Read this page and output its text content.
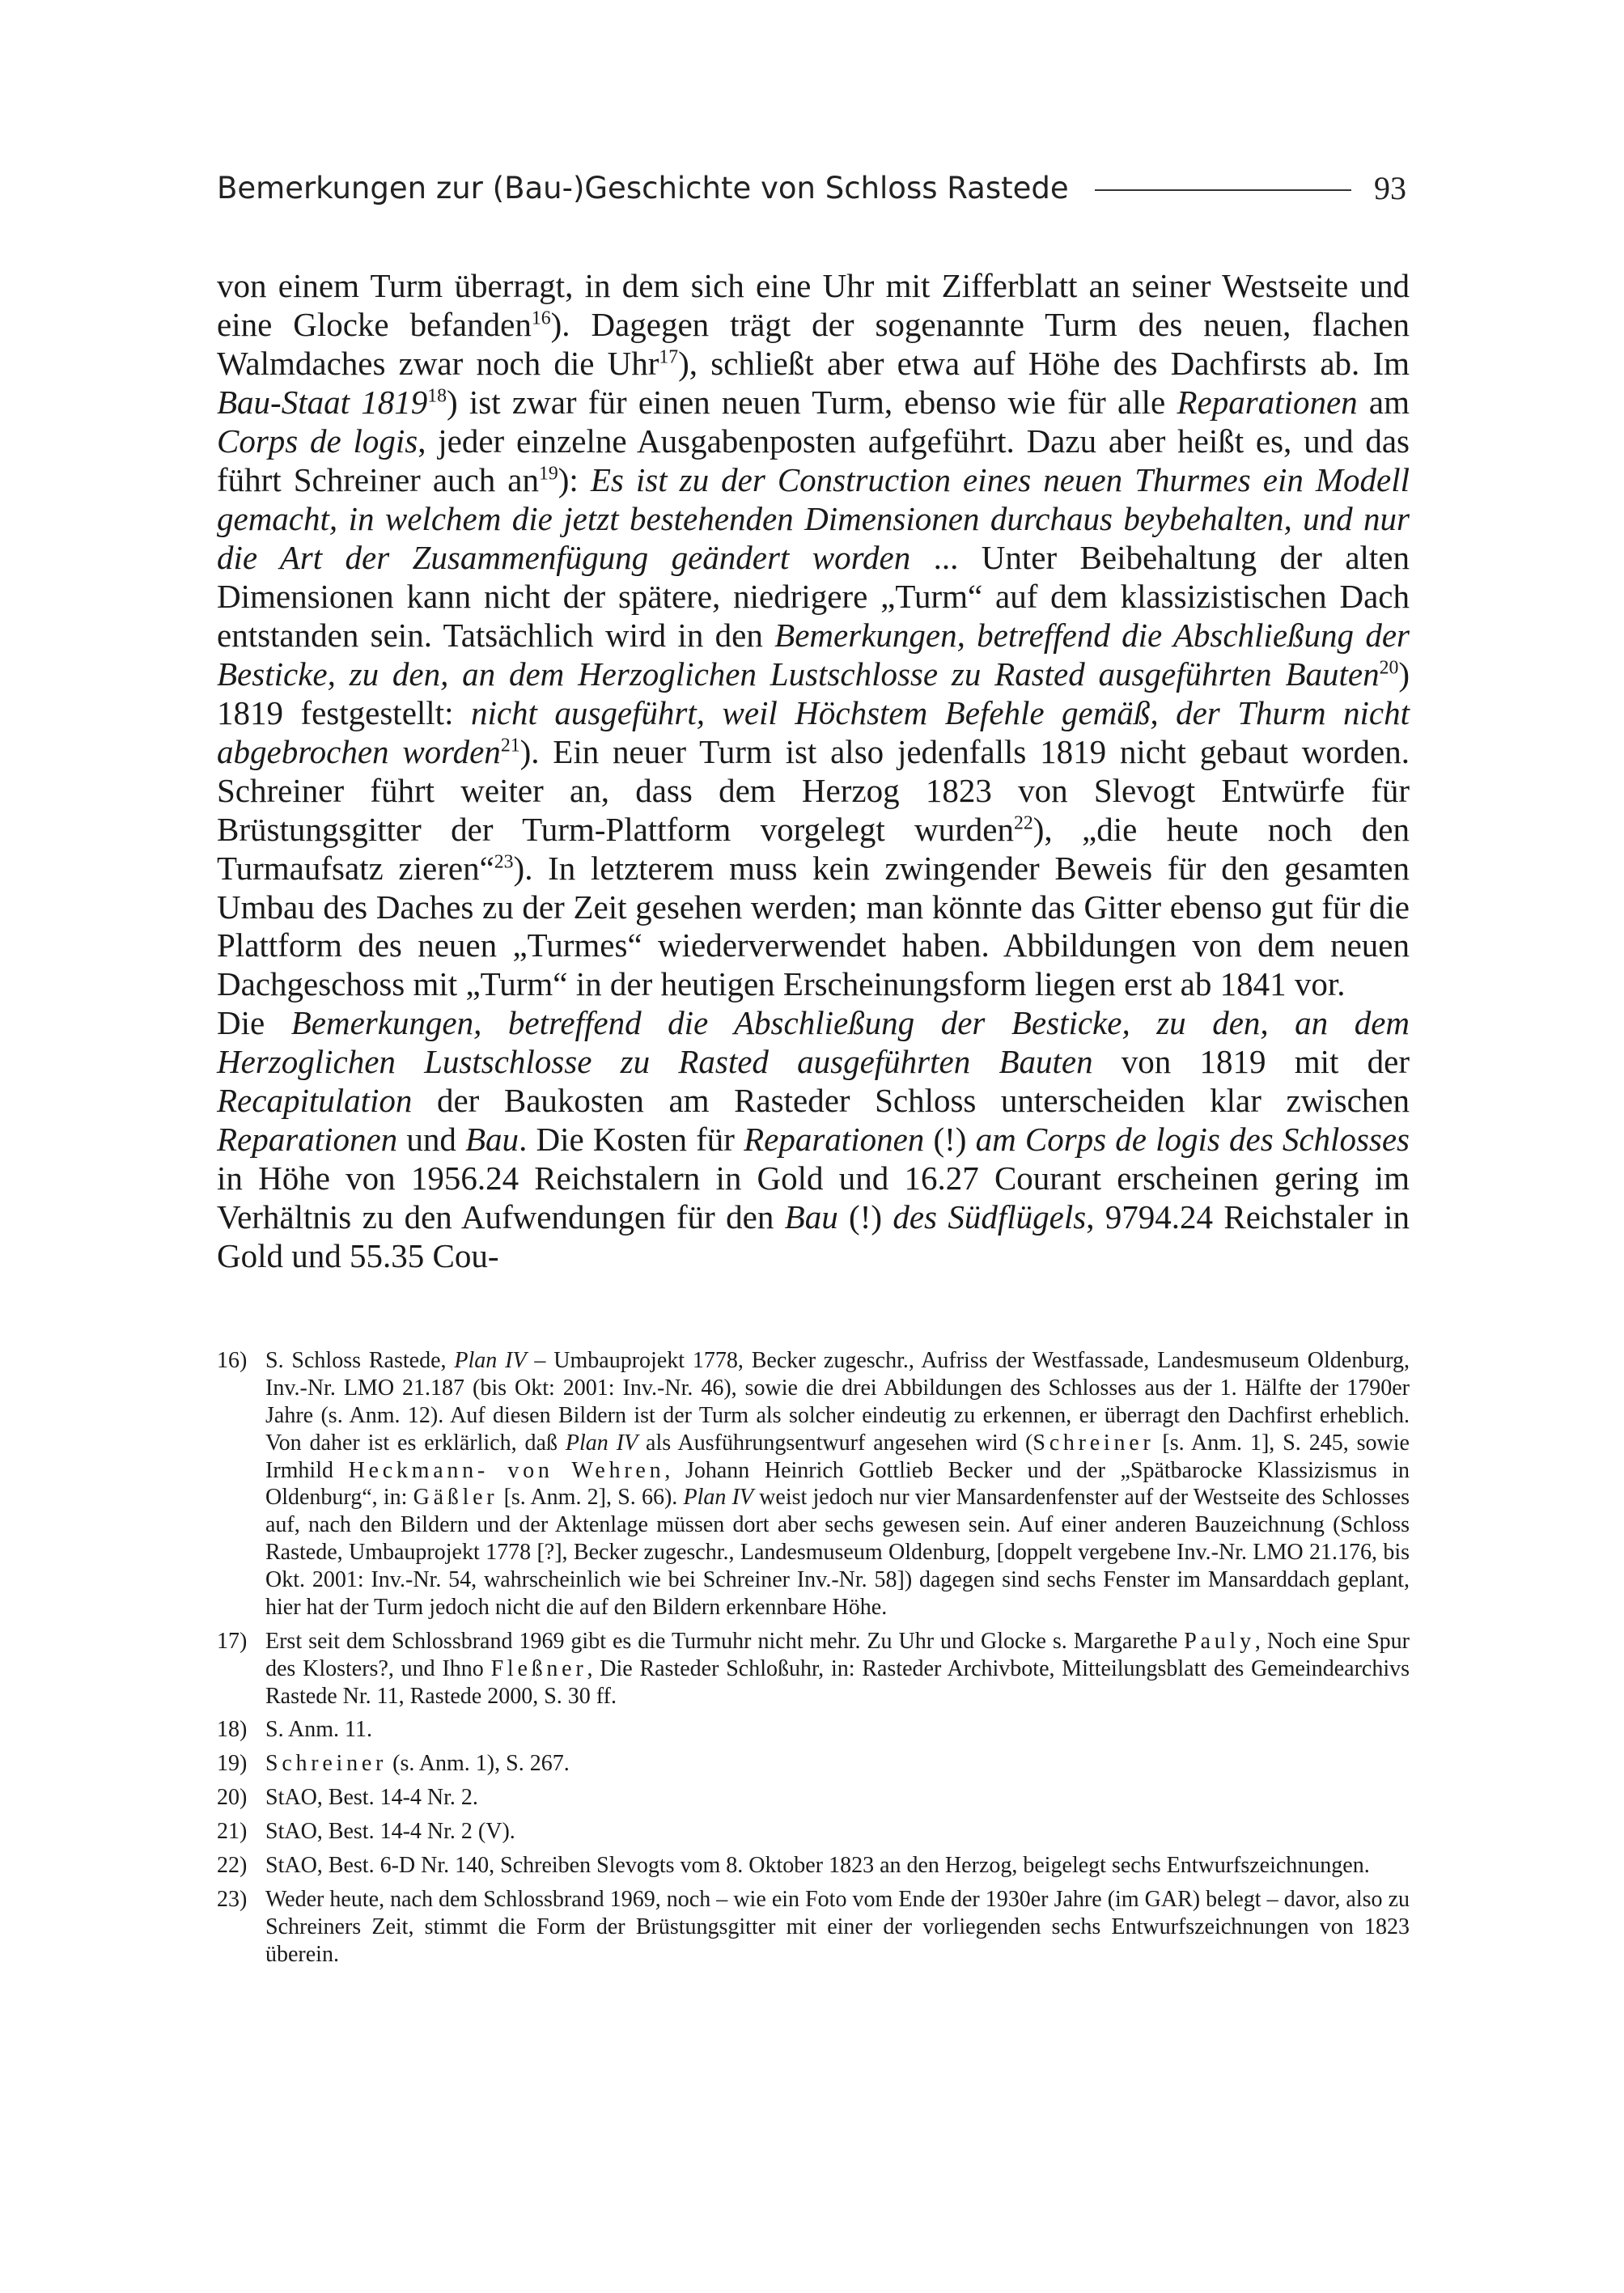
Bemerkungen zur (Bau-)Geschichte von Schloss Rastede	93

von einem Turm überragt, in dem sich eine Uhr mit Zifferblatt an seiner Westseite und eine Glocke befanden$^{16}$). Dagegen trägt der sogenannte Turm des neuen, flachen Walmdaches zwar noch die Uhr$^{17}$), schließt aber etwa auf Höhe des Dachfirsts ab. Im Bau-Staat 1819$^{18}$) ist zwar für einen neuen Turm, ebenso wie für alle Reparationen am Corps de logis, jeder einzelne Ausgabenposten aufgeführt. Dazu aber heißt es, und das führt Schreiner auch $an^{19}$): Es ist zu der Construction eines neuen Thurmes ein Modell gemacht, in welchem die jetzt bestehenden Dimensionen durchaus beybehalten, und nur die Art der Zusammenfügung geändert worden ... Unter Beibehaltung der alten Dimensionen kann nicht der spätere, niedrigere „Turm“ auf dem klassizistischen Dach entstanden sein. Tatsächlich wird in den Bemerkungen, betreffend die Abschließung der Besticke, zu den, an dem Herzoglichen Lustschlosse zu Rasted ausgeführten Bauten$^{20}$) 1819 festgestellt: nicht ausgeführt, weil Höchstem Befehle gemäß, der Thurm nicht abgebrochen worden$^{21}$). Ein neuer Turm ist also jedenfalls 1819 nicht gebaut worden. Schreiner führt weiter an, dass dem Herzog 1823 von Slevogt Entwürfe für Brüstungsgitter der Turm-Plattform vorgelegt wurden$^{22}$), „die heute noch den Turmaufsatz zieren“$^{23}$). In letzterem muss kein zwingender Beweis für den gesamten Umbau des Daches zu der Zeit gesehen werden; man könnte das Gitter ebenso gut für die Plattform des neuen „Turmes“ wiederverwendet haben. Abbildungen von dem neuen Dachgeschoss mit „Turm“ in der heutigen Erscheinungsform liegen erst ab 1841 vor.

Die Bemerkungen, betreffend die Abschließung der Besticke, zu den, an dem Herzoglichen Lustschlosse zu Rasted ausgeführten Bauten von 1819 mit der Recapitulation der Baukosten am Rasteder Schloss unterscheiden klar zwischen Reparationen und Bau. Die Kosten für Reparationen (!) am Corps de logis des Schlosses in Höhe von 1956.24 Reichstalern in Gold und 16.27 Courant erscheinen gering im Verhältnis zu den Aufwendungen für den Bau (!) des Südflügels, 9794.24 Reichstaler in Gold und 55.35 Cou-

16) S. Schloss Rastede, Plan IV – Umbauprojekt 1778, Becker zugeschr., Aufriss der Westfassade, Landesmuseum Oldenburg, Inv.-Nr. LMO 21.187 (bis Okt: 2001: Inv.-Nr. 46), sowie die drei Abbildungen des Schlosses aus der 1. Hälfte der 1790er Jahre (s. Anm. 12). Auf diesen Bildern ist der Turm als solcher eindeutig zu erkennen, er überragt den Dachfirst erheblich. Von daher ist es erklärlich, daß Plan IV als Ausführungsentwurf angesehen wird (Schreiner [s. Anm. 1], S. 245, sowie Irmhild Heckmann- von Wehren, Johann Heinrich Gottlieb Becker und der „Spätbarocke Klassizismus in Oldenburg“, in: Gäßler [s. Anm. 2], S. 66). Plan IV weist jedoch nur vier Mansardenfenster auf der Westseite des Schlosses auf, nach den Bildern und der Aktenlage müssen dort aber sechs gewesen sein. Auf einer anderen Bauzeichnung (Schloss Rastede, Umbauprojekt 1778 [?], Becker zugeschr., Landesmuseum Oldenburg, [doppelt vergebene Inv.-Nr. LMO 21.176, bis Okt. 2001: Inv.-Nr. 54, wahrscheinlich wie bei Schreiner Inv.-Nr. 58]) dagegen sind sechs Fenster im Mansarddach geplant, hier hat der Turm jedoch nicht die auf den Bildern erkennbare Höhe.
17) Erst seit dem Schlossbrand 1969 gibt es die Turmuhr nicht mehr. Zu Uhr und Glocke s. Margarethe Pauly, Noch eine Spur des Klosters?, und Ihno Fleßner, Die Rasteder Schloßuhr, in: Rasteder Archivbote, Mitteilungsblatt des Gemeindearchivs Rastede Nr. 11, Rastede 2000, S. 30 ff.
18) S. Anm. 11.
19) Schreiner (s. Anm. 1), S. 267.
20) StAO, Best. 14-4 Nr. 2.
21) StAO, Best. 14-4 Nr. 2 (V).
22) StAO, Best. 6-D Nr. 140, Schreiben Slevogts vom 8. Oktober 1823 an den Herzog, beigelegt sechs Entwurfszeichnungen.
23) Weder heute, nach dem Schlossbrand 1969, noch – wie ein Foto vom Ende der 1930er Jahre (im GAR) belegt – davor, also zu Schreiners Zeit, stimmt die Form der Brüstungsgitter mit einer der vorliegenden sechs Entwurfszeichnungen von 1823 überein.
